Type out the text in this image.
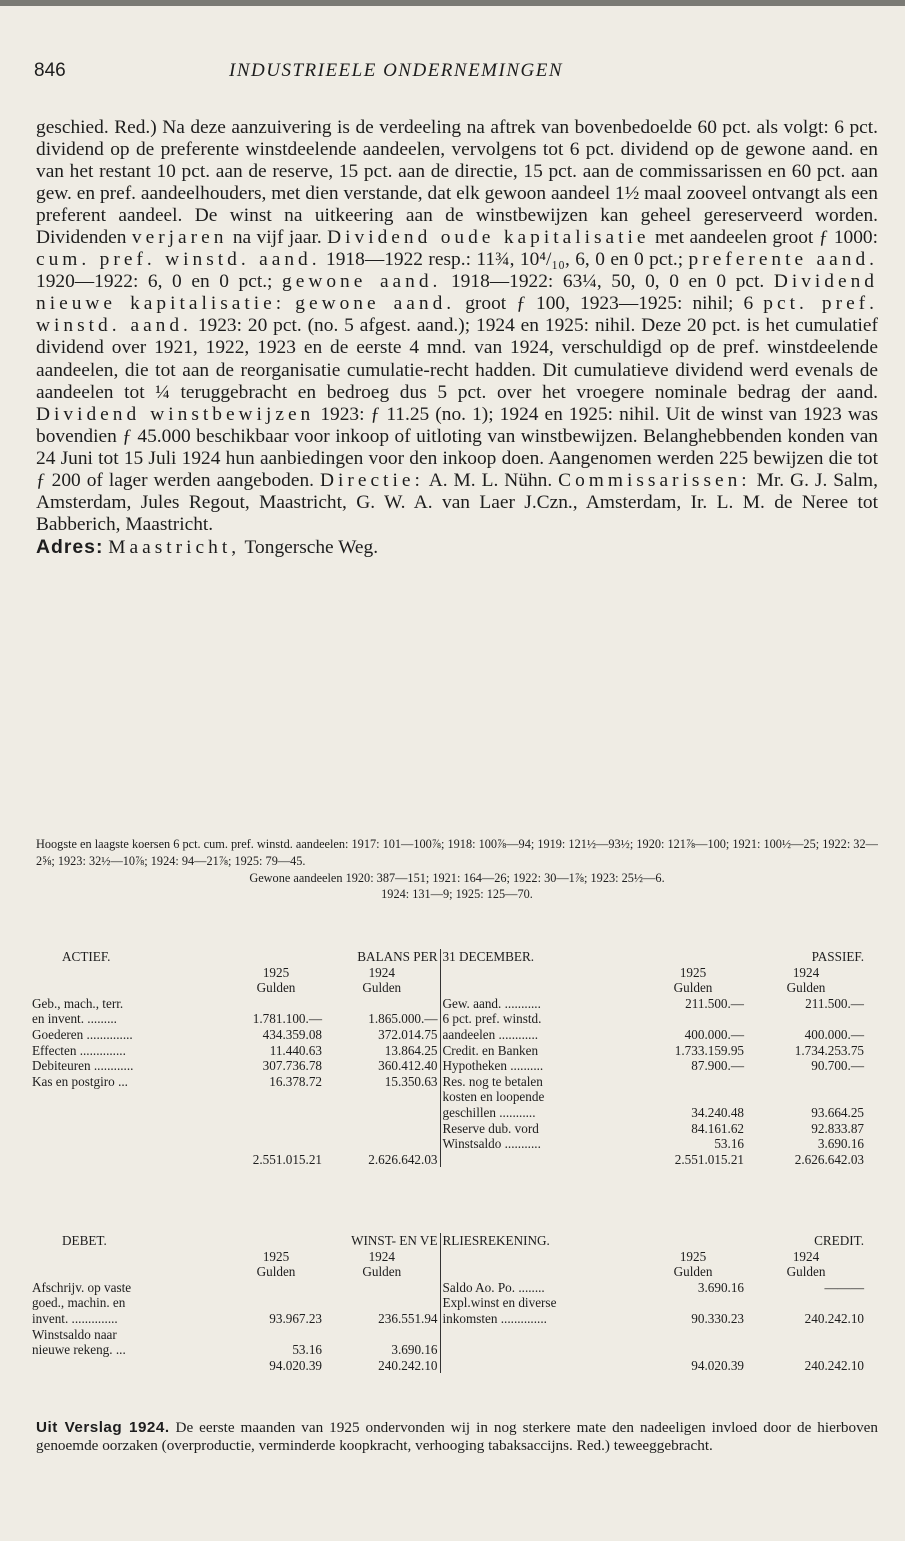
846	INDUSTRIEELE ONDERNEMINGEN

geschied. Red.) Na deze aanzuivering is de verdeeling na aftrek van bovenbedoelde 60 pct. als volgt: 6 pct. dividend op de preferente winstdeelende aandeelen, vervolgens tot 6 pct. dividend op de gewone aand. en van het restant 10 pct. aan de reserve, 15 pct. aan de directie, 15 pct. aan de commissarissen en 60 pct. aan gew. en pref. aandeelhouders, met dien verstande, dat elk gewoon aandeel 1½ maal zooveel ontvangt als een preferent aandeel. De winst na uitkeering aan de winstbewijzen kan geheel gereserveerd worden. Dividenden verjaren na vijf jaar. Dividend oude kapitalisatie met aandeelen groot ƒ 1000: cum. pref. winstd. aand. 1918—1922 resp.: 11¾, 10⁴/₁₀, 6, 0 en 0 pct.; preferente aand. 1920—1922: 6, 0 en 0 pct.; gewone aand. 1918—1922: 63¼, 50, 0, 0 en 0 pct. Dividend nieuwe kapitalisatie: gewone aand. groot ƒ 100, 1923—1925: nihil; 6 pct. pref. winstd. aand. 1923: 20 pct. (no. 5 afgest. aand.); 1924 en 1925: nihil. Deze 20 pct. is het cumulatief dividend over 1921, 1922, 1923 en de eerste 4 mnd. van 1924, verschuldigd op de pref. winstdeelende aandeelen, die tot aan de reorganisatie cumulatie-recht hadden. Dit cumulatieve dividend werd evenals de aandeelen tot ¼ teruggebracht en bedroeg dus 5 pct. over het vroegere nominale bedrag der aand. Dividend winstbewijzen 1923: ƒ 11.25 (no. 1); 1924 en 1925: nihil. Uit de winst van 1923 was bovendien ƒ 45.000 beschikbaar voor inkoop of uitloting van winstbewijzen. Belanghebbenden konden van 24 Juni tot 15 Juli 1924 hun aanbiedingen voor den inkoop doen. Aangenomen werden 225 bewijzen die tot ƒ 200 of lager werden aangeboden. Directie: A. M. L. Nühn. Commissarissen: Mr. G. J. Salm, Amsterdam, Jules Regout, Maastricht, G. W. A. van Laer J.Czn., Amsterdam, Ir. L. M. de Neree tot Babberich, Maastricht.
Adres: Maastricht, Tongersche Weg.

Hoogste en laagste koersen 6 pct. cum. pref. winstd. aandeelen: 1917: 101—100⅞; 1918: 100⅞—94; 1919: 121½—93½; 1920: 121⅞—100; 1921: 100½—25; 1922: 32—2⅝; 1923: 32½—10⅞; 1924: 94—21⅞; 1925: 79—45.

Gewone aandeelen 1920: 387—151; 1921: 164—26; 1922: 30—1⅞; 1923: 25½—6.

1924: 131—9; 1925: 125—70.

ACTIEF.	BALANS PER		31 DECEMBER.	PASSIEF.	
	1925	1924		1925	1924
	Gulden	Gulden		Gulden	Gulden
Geb., mach., terr.			Gew. aand. ...........	211.500.—	211.500.—
en invent. .........	1.781.100.—	1.865.000.—	6 pct. pref. winstd.		
Goederen ..............	434.359.08	372.014.75	aandeelen ............	400.000.—	400.000.—
Effecten ..............	11.440.63	13.864.25	Credit. en Banken	1.733.159.95	1.734.253.75
Debiteuren ............	307.736.78	360.412.40	Hypotheken ..........	87.900.—	90.700.—
Kas en postgiro ...	16.378.72	15.350.63	Res. nog te betalen		
			kosten en loopende		
			geschillen ...........	34.240.48	93.664.25
			Reserve dub. vord	84.161.62	92.833.87
			Winstsaldo ...........	53.16	3.690.16
	2.551.015.21	2.626.642.03		2.551.015.21	2.626.642.03
DEBET.	WINST- EN VE		RLIESREKENING.	CREDIT.	
	1925	1924		1925	1924
	Gulden	Gulden		Gulden	Gulden
Afschrijv. op vaste			Saldo Ao. Po. ........	3.690.16	———
goed., machin. en			Expl.winst en diverse		
invent. ..............	93.967.23	236.551.94	inkomsten ..............	90.330.23	240.242.10
Winstsaldo naar					
nieuwe rekeng. ...	53.16	3.690.16			
	94.020.39	240.242.10		94.020.39	240.242.10

Uit Verslag 1924. De eerste maanden van 1925 ondervonden wij in nog sterkere mate den nadeeligen invloed door de hierboven genoemde oorzaken (overproductie, verminderde koopkracht, verhooging tabaksaccijns. Red.) teweeggebracht.
